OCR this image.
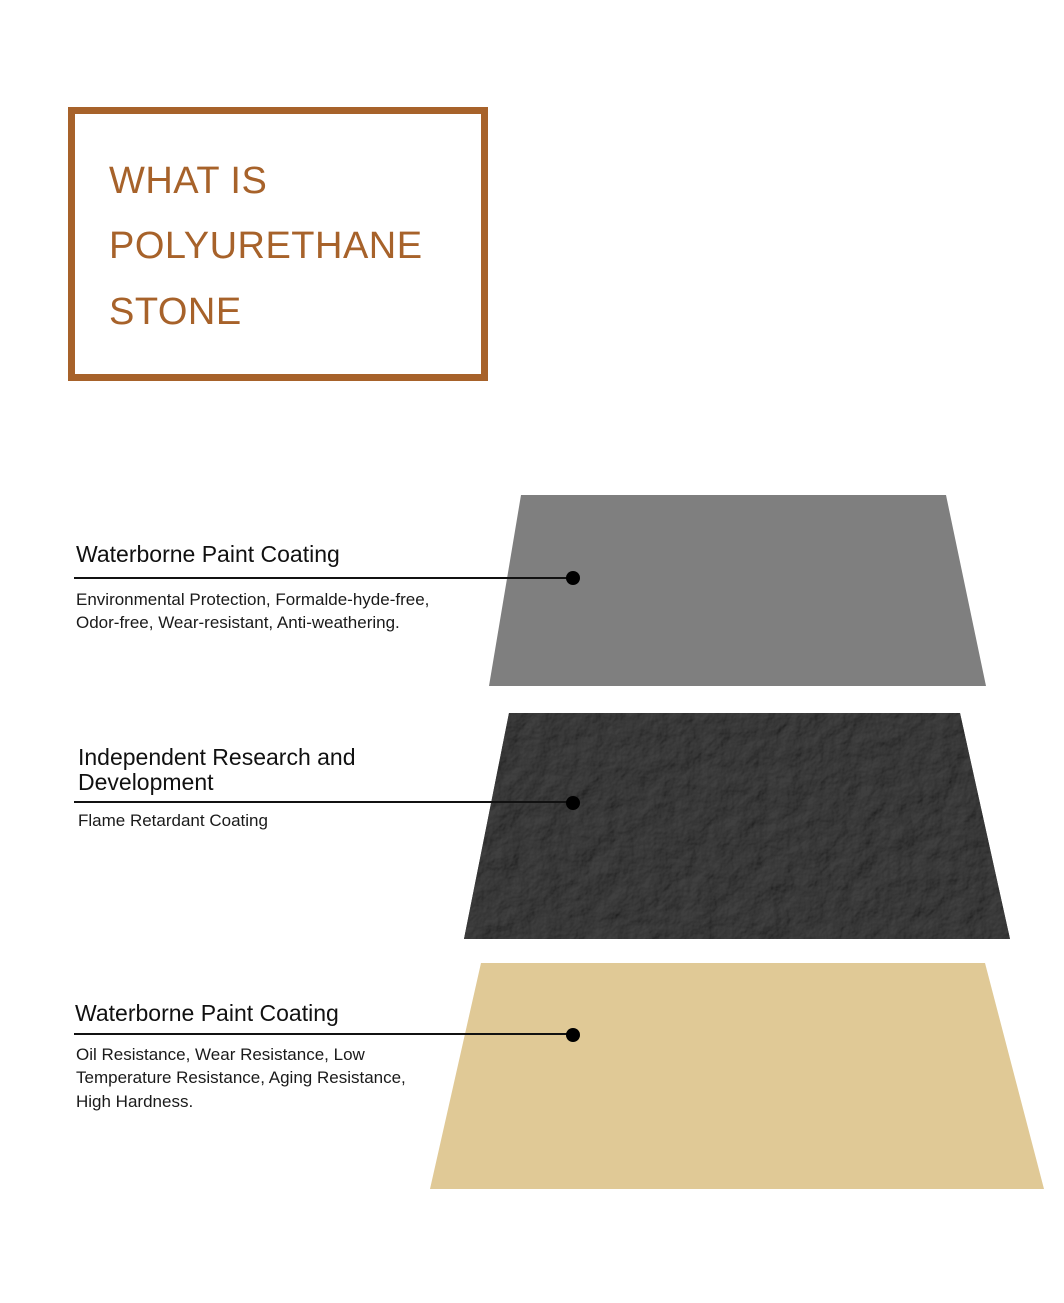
WHAT IS
POLYURETHANE
STONE
Waterborne Paint Coating
Environmental Protection, Formalde-hyde-free,
Odor-free, Wear-resistant, Anti-weathering.
Independent Research and
Development
Flame Retardant Coating
Waterborne Paint Coating
Oil Resistance, Wear Resistance, Low
Temperature Resistance, Aging Resistance,
High Hardness.
